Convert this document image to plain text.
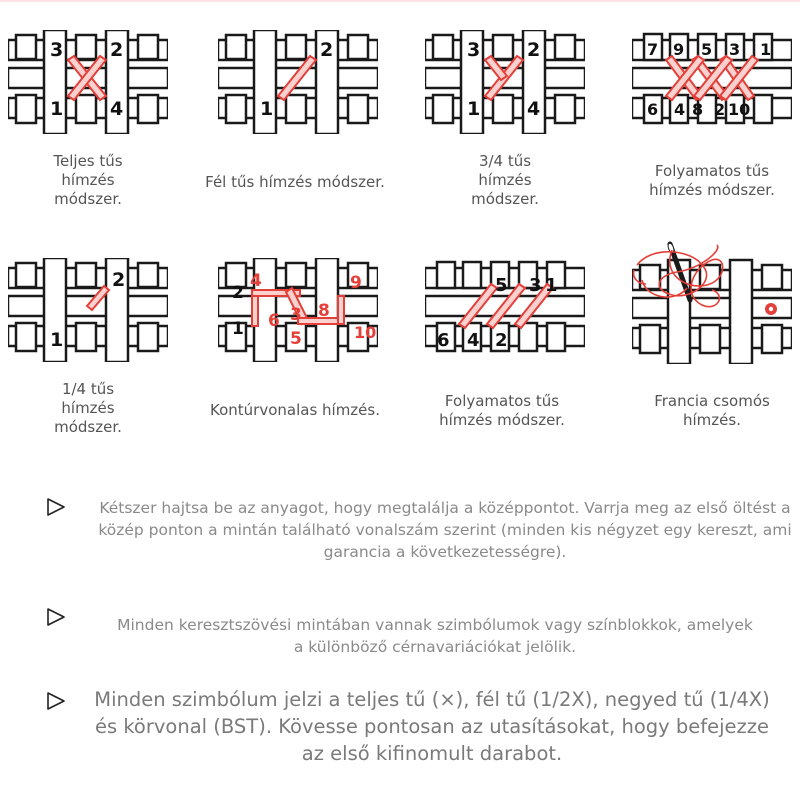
3 2
1 4
Teljes tűs
hímzés
módszer.
2
1
Fél tűs hímzés módszer.
3 2
1 4
3/4 tűs
hímzés
módszer.
7 9 5 3 1
6 4 8 2 10
Folyamatos tűs
hímzés módszer.
2
1
1/4 tűs
hímzés
módszer.
4
3
9
2
6 8
1	5	10
Kontúrvonalas hímzés.
5 3 1
6 4 2
Folyamatos tűs
hímzés módszer.
Francia csomós
hímzés.
Kétszer hajtsa be az anyagot, hogy megtalálja a középpontot. Varrja meg az első öltést a közép ponton a mintán található vonalszám szerint (minden kis négyzet egy kereszt, ami garancia a következetességre).
Minden keresztszövési mintában vannak szimbólumok vagy színblokkok, amelyek a különböző cérnavariációkat jelölik.
Minden szimbólum jelzi a teljes tű (×), fél tű (1/2X), negyed tű (1/4X) és körvonal (BST). Kövesse pontosan az utasításokat, hogy befejezze az első kifinomult darabot.
